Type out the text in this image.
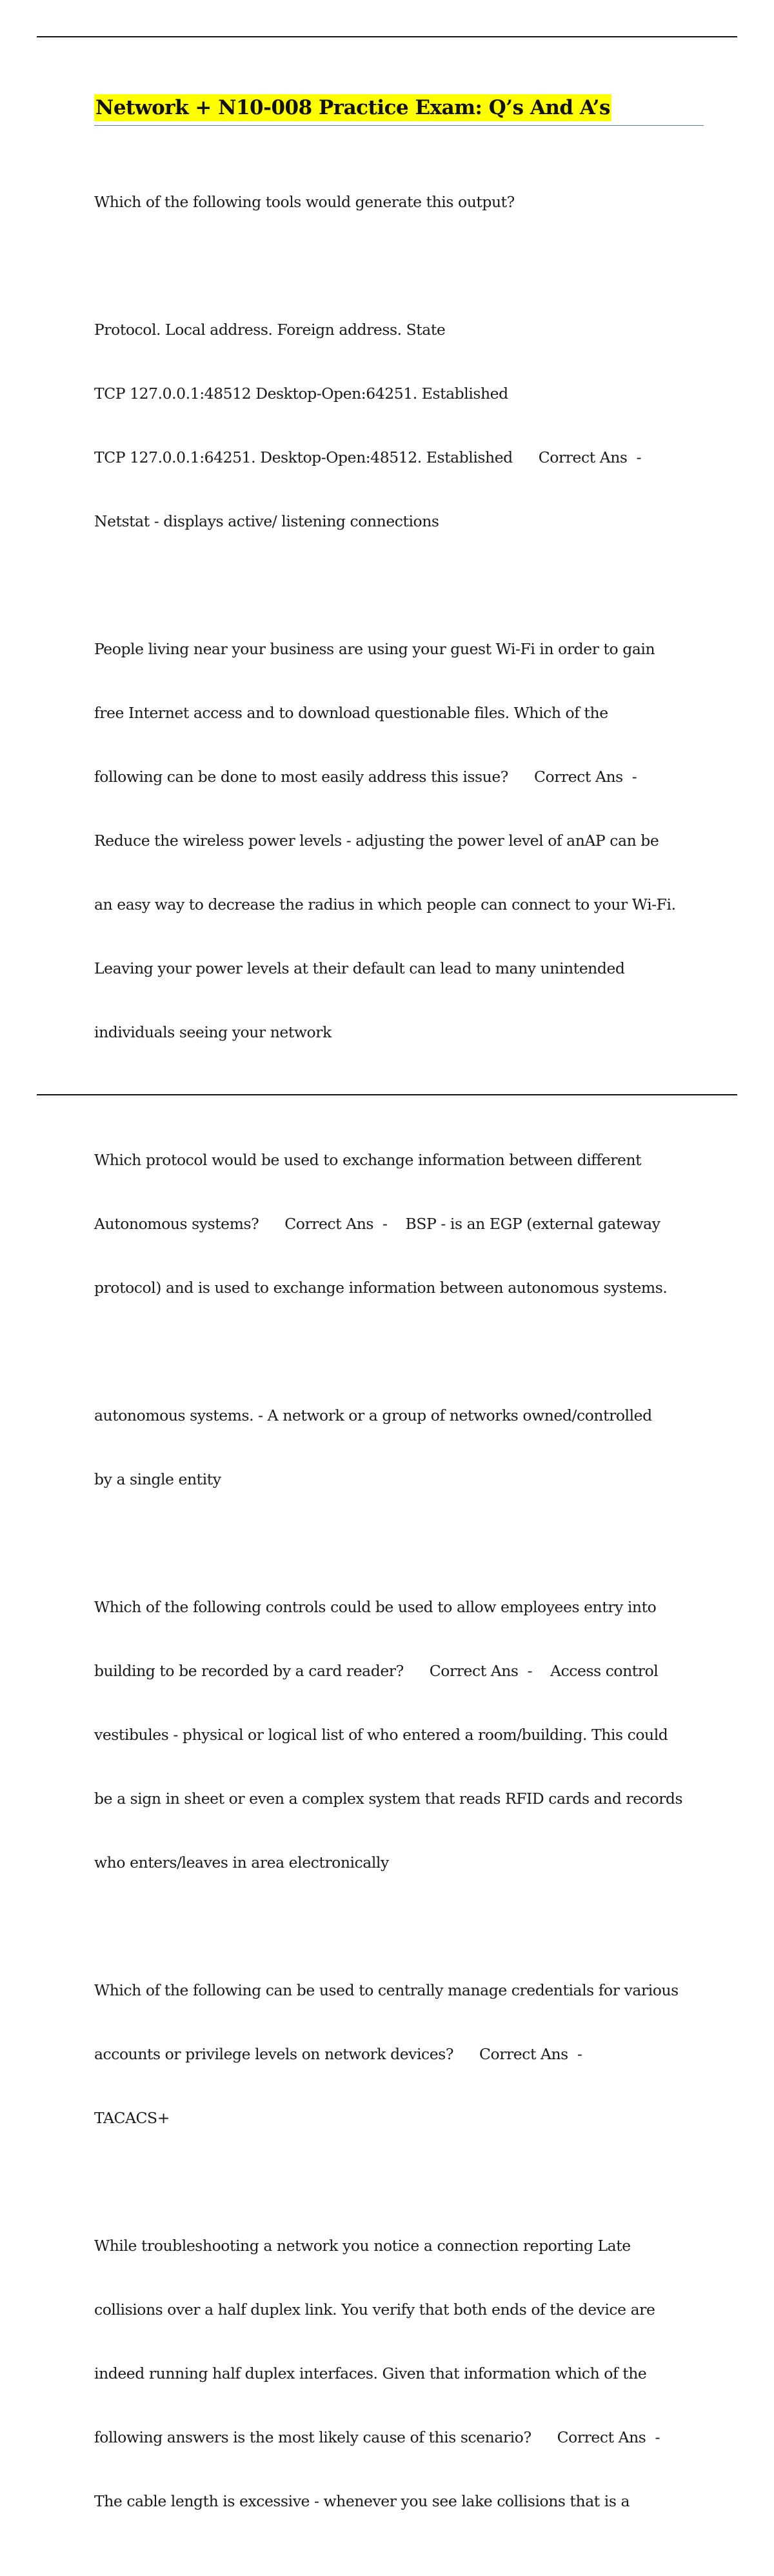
Network + N10-008 Practice Exam: Q’s And A’s

Which of the following tools would generate this output?

Protocol. Local address. Foreign address. State

TCP 127.0.0.1:48512 Desktop-Open:64251. Established

TCP 127.0.0.1:64251. Desktop-Open:48512. Established Correct Ans  -

Netstat - displays active/ listening connections

People living near your business are using your guest Wi-Fi in order to gain

free Internet access and to download questionable files. Which of the

following can be done to most easily address this issue? Correct Ans  -

Reduce the wireless power levels - adjusting the power level of anAP can be

an easy way to decrease the radius in which people can connect to your Wi-Fi.

Leaving your power levels at their default can lead to many unintended

individuals seeing your network

Which protocol would be used to exchange information between different

Autonomous systems? Correct Ans  - BSP - is an EGP (external gateway

protocol) and is used to exchange information between autonomous systems.

autonomous systems. - A network or a group of networks owned/controlled

by a single entity

Which of the following controls could be used to allow employees entry into

building to be recorded by a card reader? Correct Ans  - Access control

vestibules - physical or logical list of who entered a room/building. This could

be a sign in sheet or even a complex system that reads RFID cards and records

who enters/leaves in area electronically

Which of the following can be used to centrally manage credentials for various

accounts or privilege levels on network devices? Correct Ans  -

TACACS+

While troubleshooting a network you notice a connection reporting Late

collisions over a half duplex link. You verify that both ends of the device are

indeed running half duplex interfaces. Given that information which of the

following answers is the most likely cause of this scenario? Correct Ans  -

The cable length is excessive - whenever you see lake collisions that is a
